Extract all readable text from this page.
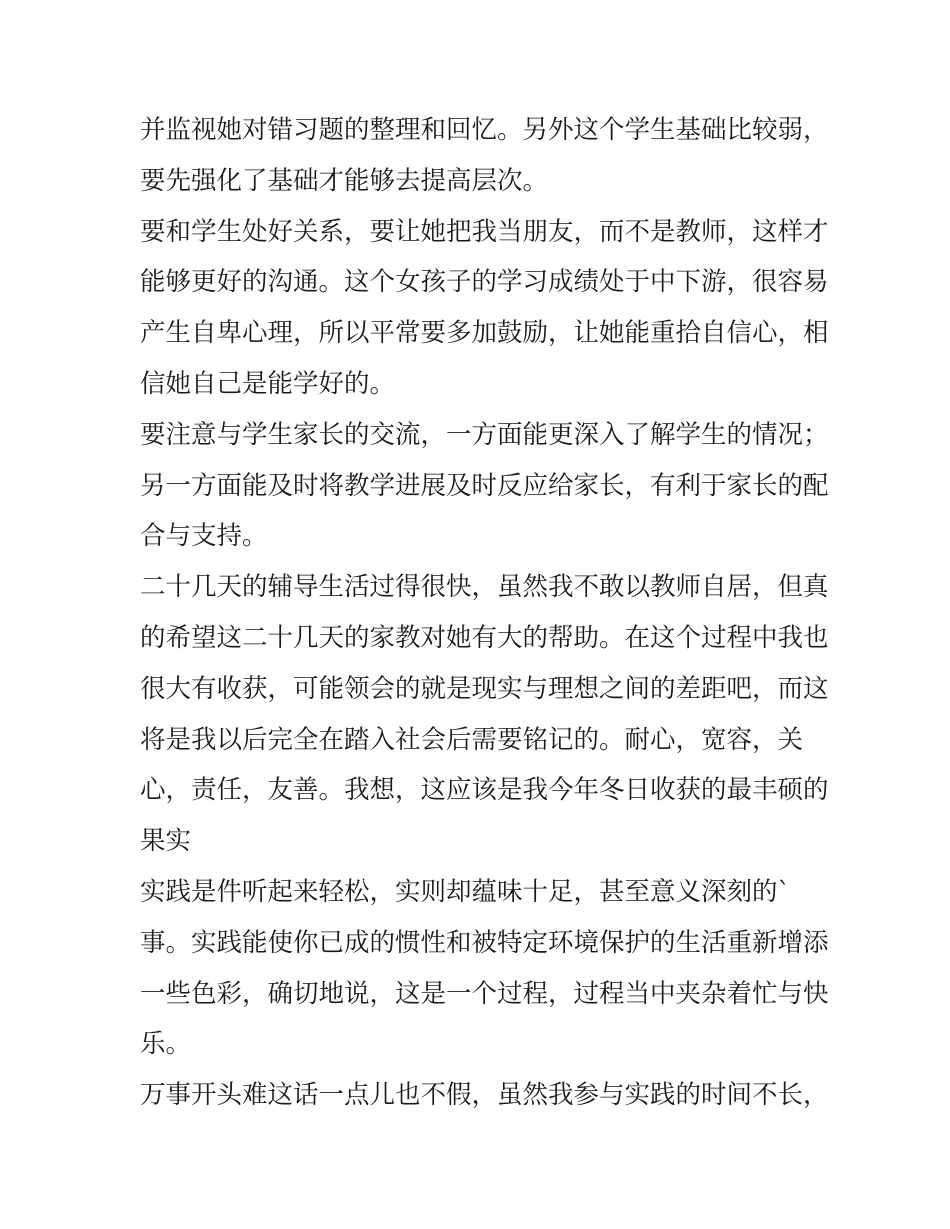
并监视她对错习题的整理和回忆。另外这个学生基础比较弱，
要先强化了基础才能够去提高层次。
要和学生处好关系，要让她把我当朋友，而不是教师，这样才
能够更好的沟通。这个女孩子的学习成绩处于中下游，很容易
产生自卑心理，所以平常要多加鼓励，让她能重拾自信心，相
信她自己是能学好的。
要注意与学生家长的交流，一方面能更深入了解学生的情况；
另一方面能及时将教学进展及时反应给家长，有利于家长的配
合与支持。
二十几天的辅导生活过得很快，虽然我不敢以教师自居，但真
的希望这二十几天的家教对她有大的帮助。在这个过程中我也
很大有收获，可能领会的就是现实与理想之间的差距吧，而这
将是我以后完全在踏入社会后需要铭记的。耐心，宽容，关
心，责任，友善。我想，这应该是我今年冬日收获的最丰硕的
果实
实践是件听起来轻松，实则却蕴味十足，甚至意义深刻的`
事。实践能使你已成的惯性和被特定环境保护的生活重新增添
一些色彩，确切地说，这是一个过程，过程当中夹杂着忙与快
乐。
万事开头难这话一点儿也不假，虽然我参与实践的时间不长，
